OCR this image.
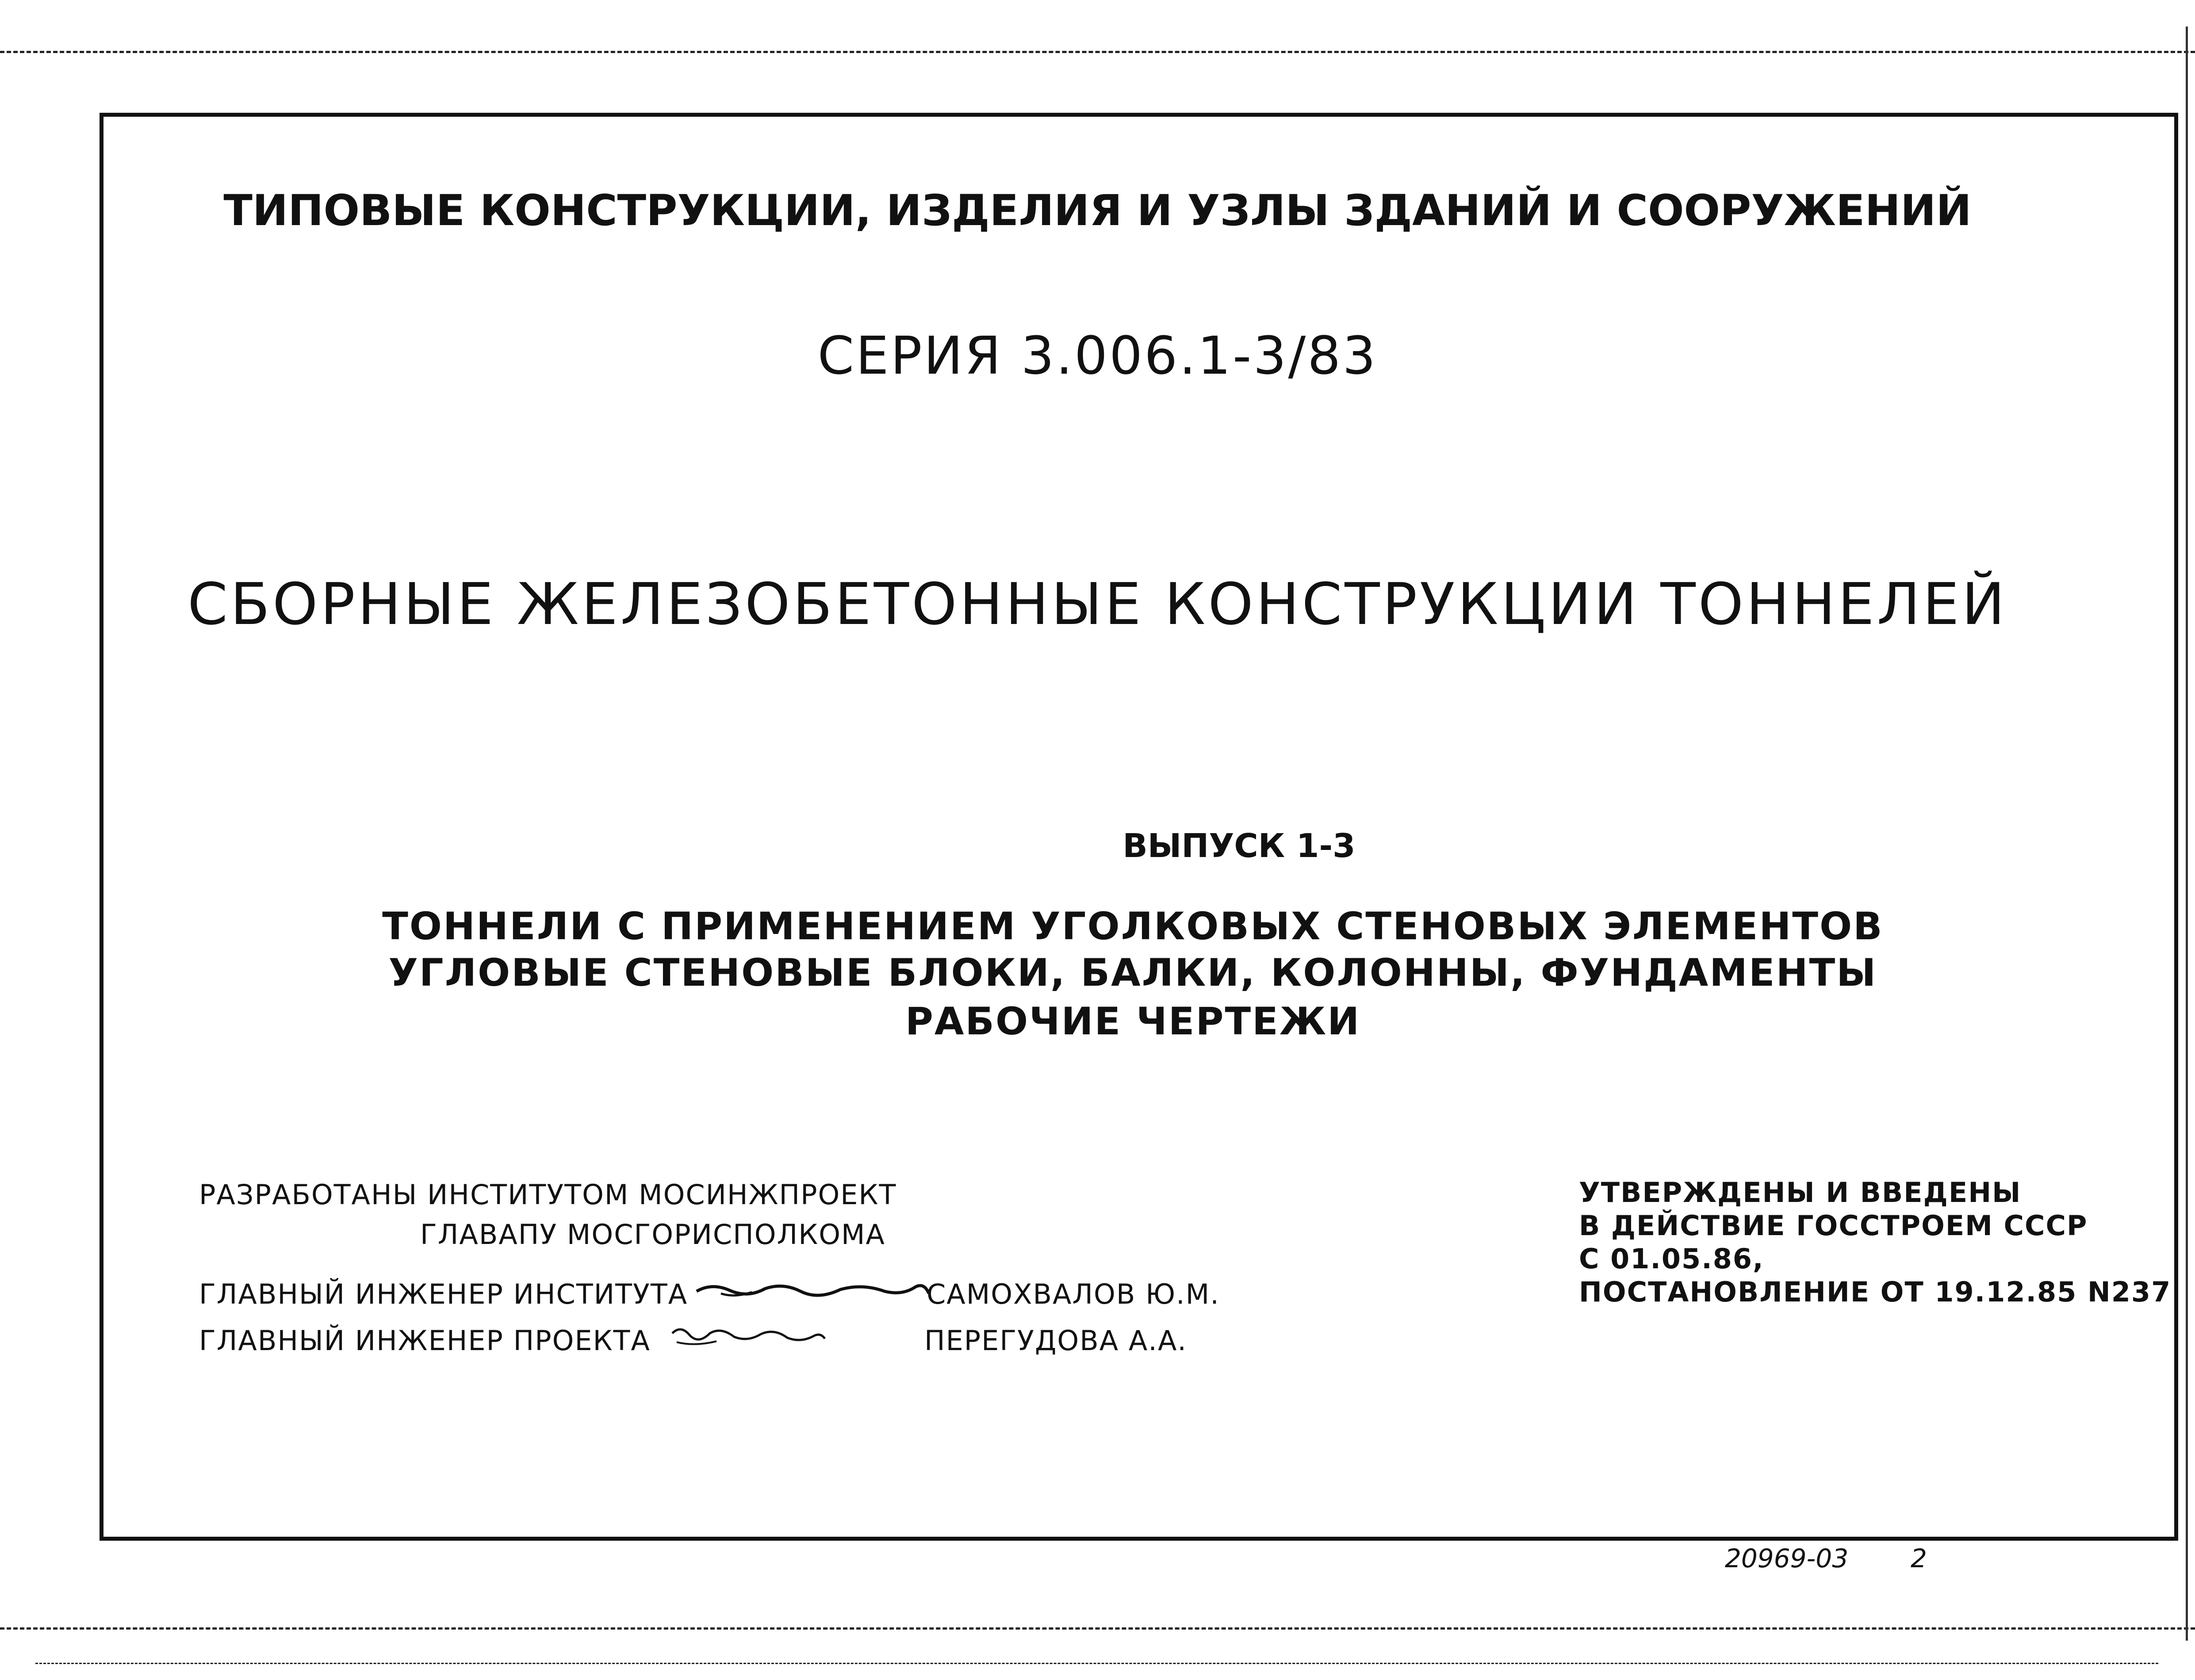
ТИПОВЫЕ КОНСТРУКЦИИ, ИЗДЕЛИЯ И УЗЛЫ ЗДАНИЙ И СООРУЖЕНИЙ
СЕРИЯ 3.006.1-3/83
СБОРНЫЕ ЖЕЛЕЗОБЕТОННЫЕ КОНСТРУКЦИИ ТОННЕЛЕЙ
ВЫПУСК 1-3
ТОННЕЛИ С ПРИМЕНЕНИЕМ УГОЛКОВЫХ СТЕНОВЫХ ЭЛЕМЕНТОВ
УГЛОВЫЕ СТЕНОВЫЕ БЛОКИ, БАЛКИ, КОЛОННЫ, ФУНДАМЕНТЫ
РАБОЧИЕ ЧЕРТЕЖИ
РАЗРАБОТАНЫ ИНСТИТУТОМ МОСИНЖПРОЕКТ
ГЛАВАПУ МОСГОРИСПОЛКОМА
ГЛАВНЫЙ ИНЖЕНЕР ИНСТИТУТА	САМОХВАЛОВ Ю.М.
ГЛАВНЫЙ ИНЖЕНЕР ПРОЕКТА	ПЕРЕГУДОВА А.А.
УТВЕРЖДЕНЫ И ВВЕДЕНЫ
В ДЕЙСТВИЕ ГОССТРОЕМ СССР
С 01.05.86,
ПОСТАНОВЛЕНИЕ ОТ 19.12.85 N237
20969-03 2
